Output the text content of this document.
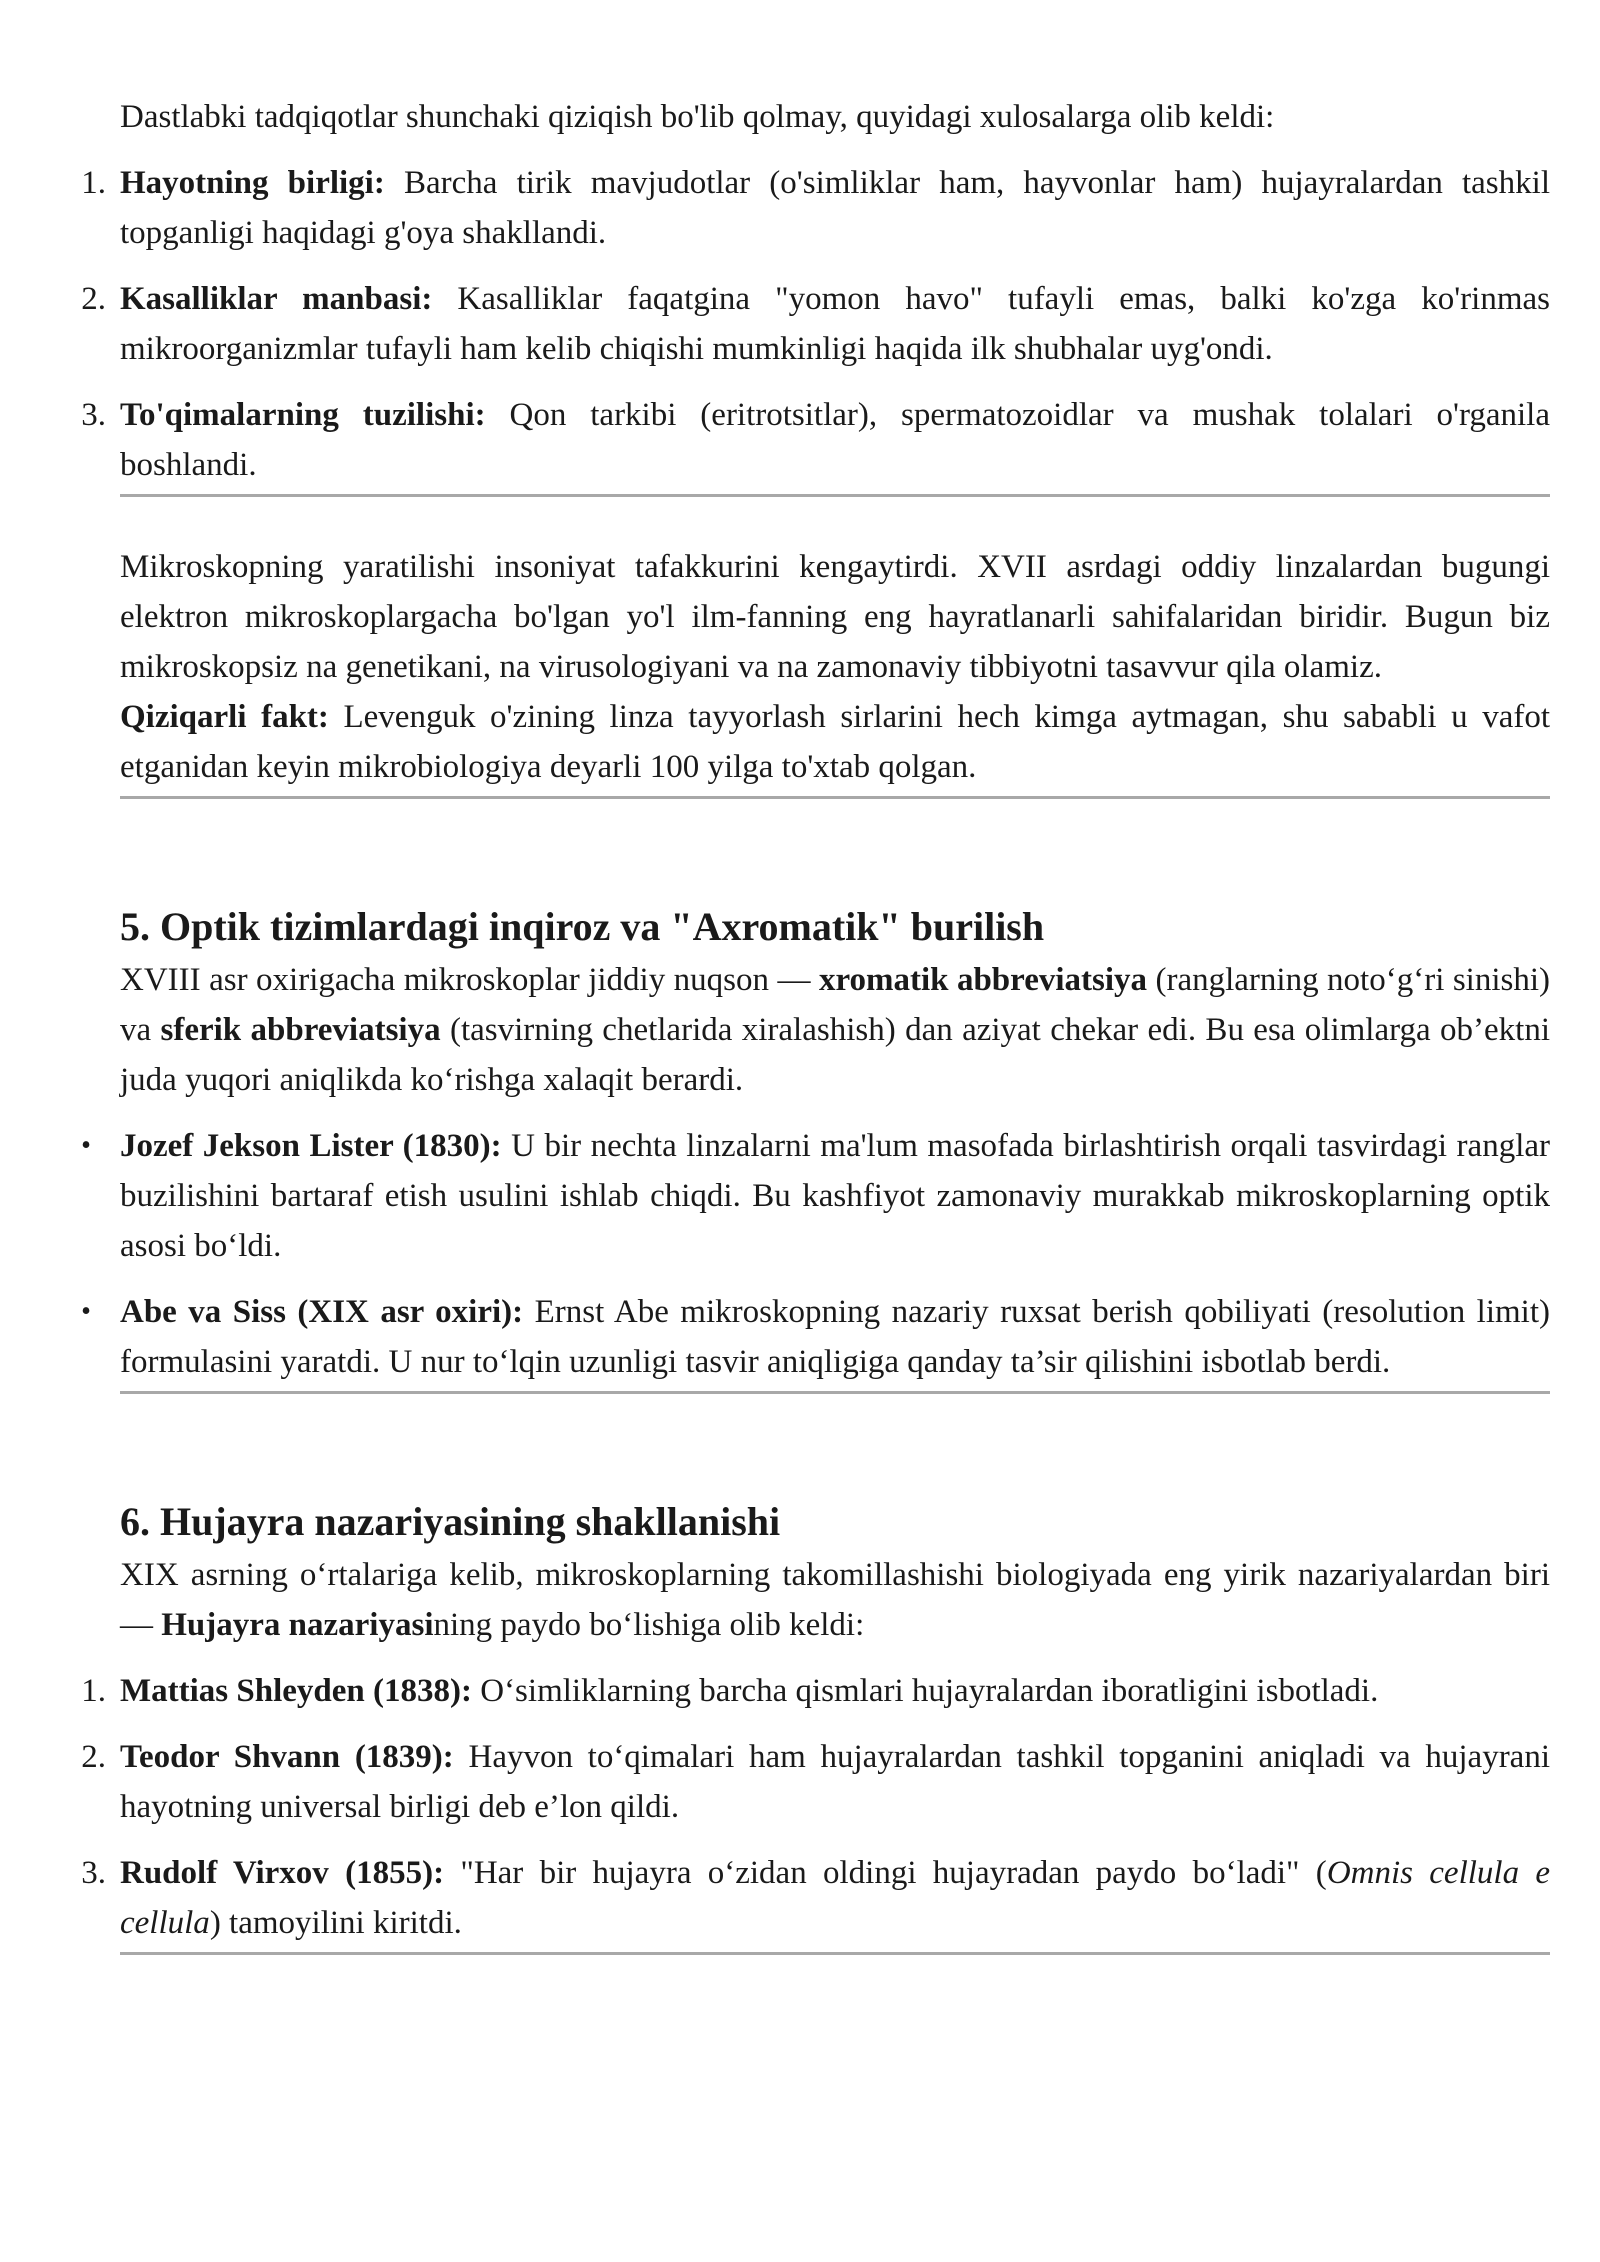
Dastlabki tadqiqotlar shunchaki qiziqish bo'lib qolmay, quyidagi xulosalarga olib keldi:

1. Hayotning birligi: Barcha tirik mavjudotlar (o'simliklar ham, hayvonlar ham) hujayralardan tashkil topganligi haqidagi g'oya shakllandi.
2. Kasalliklar manbasi: Kasalliklar faqatgina "yomon havo" tufayli emas, balki ko'zga ko'rinmas mikroorganizmlar tufayli ham kelib chiqishi mumkinligi haqida ilk shubhalar uyg'ondi.
3. To'qimalarning tuzilishi: Qon tarkibi (eritrotsitlar), spermatozoidlar va mushak tolalari o'rganila boshlandi.

Mikroskopning yaratilishi insoniyat tafakkurini kengaytirdi. XVII asrdagi oddiy linzalardan bugungi elektron mikroskoplargacha bo'lgan yo'l ilm-fanning eng hayratlanarli sahifalaridan biridir. Bugun biz mikroskopsiz na genetikani, na virusologiyani va na zamonaviy tibbiyotni tasavvur qila olamiz.

Qiziqarli fakt: Levenguk o'zining linza tayyorlash sirlarini hech kimga aytmagan, shu sababli u vafot etganidan keyin mikrobiologiya deyarli 100 yilga to'xtab qolgan.

5. Optik tizimlardagi inqiroz va "Axromatik" burilish

XVIII asr oxirigacha mikroskoplar jiddiy nuqson — xromatik abbreviatsiya (ranglarning noto‘g‘ri sinishi) va sferik abbreviatsiya (tasvirning chetlarida xiralashish) dan aziyat chekar edi. Bu esa olimlarga ob’ektni juda yuqori aniqlikda ko‘rishga xalaqit berardi.

• Jozef Jekson Lister (1830): U bir nechta linzalarni ma'lum masofada birlashtirish orqali tasvirdagi ranglar buzilishini bartaraf etish usulini ishlab chiqdi. Bu kashfiyot zamonaviy murakkab mikroskoplarning optik asosi bo‘ldi.
• Abe va Siss (XIX asr oxiri): Ernst Abe mikroskopning nazariy ruxsat berish qobiliyati (resolution limit) formulasini yaratdi. U nur to‘lqin uzunligi tasvir aniqligiga qanday ta’sir qilishini isbotlab berdi.
6. Hujayra nazariyasining shakllanishi

XIX asrning o‘rtalariga kelib, mikroskoplarning takomillashishi biologiyada eng yirik nazariyalardan biri — Hujayra nazariyasining paydo bo‘lishiga olib keldi:

1. Mattias Shleyden (1838): O‘simliklarning barcha qismlari hujayralardan iboratligini isbotladi.
2. Teodor Shvann (1839): Hayvon to‘qimalari ham hujayralardan tashkil topganini aniqladi va hujayrani hayotning universal birligi deb e’lon qildi.
3. Rudolf Virxov (1855): "Har bir hujayra o‘zidan oldingi hujayradan paydo bo‘ladi" (Omnis cellula e cellula) tamoyilini kiritdi.
